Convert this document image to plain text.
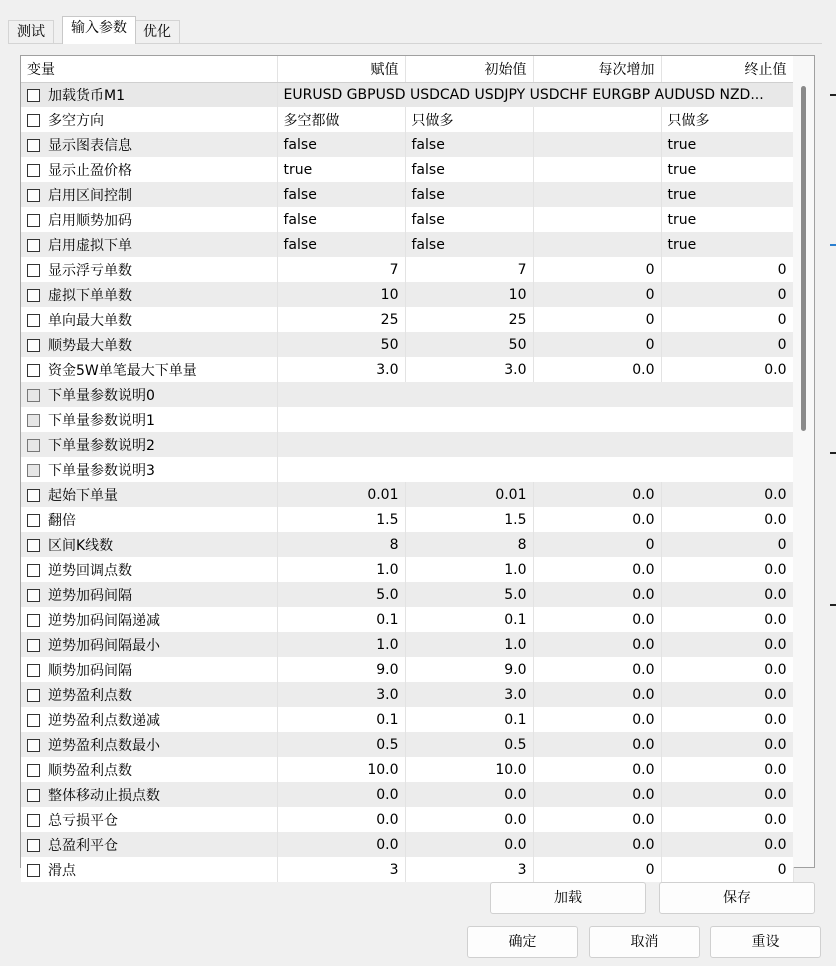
测试	输入参数	优化
变量	赋值	初始值	每次增加	终止值
加载货币M1	EURUSD GBPUSD USDCAD USDJPY USDCHF EURGBP AUDUSD NZD...			
多空方向	多空都做	只做多		只做多
显示图表信息	false	false		true
显示止盈价格	true	false		true
启用区间控制	false	false		true
启用顺势加码	false	false		true
启用虚拟下单	false	false		true
显示浮亏单数	7	7	0	0
虚拟下单单数	10	10	0	0
单向最大单数	25	25	0	0
顺势最大单数	50	50	0	0
资金5W单笔最大下单量	3.0	3.0	0.0	0.0
下单量参数说明0				
下单量参数说明1				
下单量参数说明2				
下单量参数说明3				
起始下单量	0.01	0.01	0.0	0.0
翻倍	1.5	1.5	0.0	0.0
区间K线数	8	8	0	0
逆势回调点数	1.0	1.0	0.0	0.0
逆势加码间隔	5.0	5.0	0.0	0.0
逆势加码间隔递减	0.1	0.1	0.0	0.0
逆势加码间隔最小	1.0	1.0	0.0	0.0
顺势加码间隔	9.0	9.0	0.0	0.0
逆势盈利点数	3.0	3.0	0.0	0.0
逆势盈利点数递减	0.1	0.1	0.0	0.0
逆势盈利点数最小	0.5	0.5	0.0	0.0
顺势盈利点数	10.0	10.0	0.0	0.0
整体移动止损点数	0.0	0.0	0.0	0.0
总亏损平仓	0.0	0.0	0.0	0.0
总盈利平仓	0.0	0.0	0.0	0.0
滑点	3	3	0	0
加载	保存
确定	取消	重设
